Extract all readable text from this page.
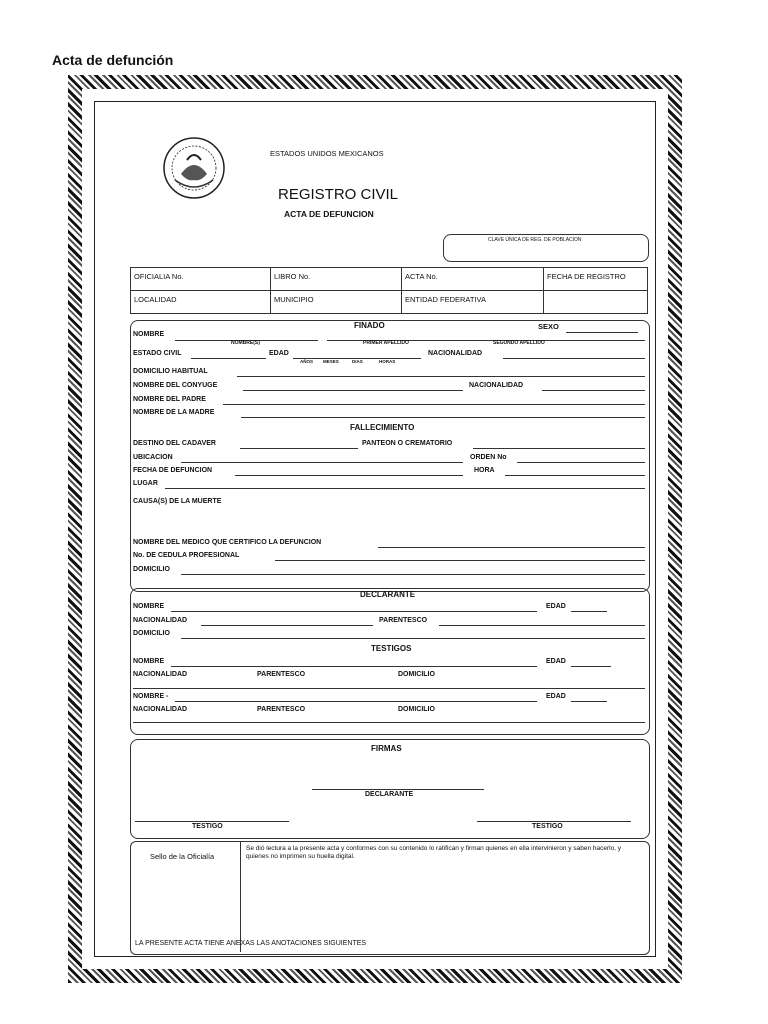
Acta de defunción
ESTADOS UNIDOS MEXICANOS
REGISTRO CIVIL
ACTA DE DEFUNCION
CLAVE ÚNICA DE REG. DE POBLACION
OFICIALIA No.	LIBRO No.	ACTA No.	FECHA DE REGISTRO
LOCALIDAD	MUNICIPIO	ENTIDAD FEDERATIVA
FINADO	SEXO
NOMBRE
NOMBRE(S)	PRIMER APELLIDO	SEGUNDO APELLIDO
ESTADO CIVIL	EDAD
AÑOS MESES	DIAS	HORAS
NACIONALIDAD
DOMICILIO HABITUAL
NOMBRE DEL CONYUGE	NACIONALIDAD
NOMBRE DEL PADRE
NOMBRE DE LA MADRE
FALLECIMIENTO
DESTINO DEL CADAVER	PANTEON O CREMATORIO
UBICACION	ORDEN No
FECHA DE DEFUNCION	HORA
LUGAR
CAUSA(S) DE LA MUERTE
NOMBRE DEL MEDICO QUE CERTIFICO LA DEFUNCION
No. DE CEDULA PROFESIONAL
DOMICILIO
DECLARANTE
NOMBRE	EDAD
NACIONALIDAD	PARENTESCO
DOMICILIO
TESTIGOS
NOMBRE	EDAD
NACIONALIDAD	PARENTESCO	DOMICILIO
NOMBRE -	EDAD
NACIONALIDAD	PARENTESCO	DOMICILIO
FIRMAS
DECLARANTE
TESTIGO	TESTIGO
Sello de la Oficialía
Se dió lectura a la presente acta y conformes con su contenido lo ratifican y firman quienes en ella intervinieron y saben hacerlo, y quienes no imprimen su huella digital.
LA PRESENTE ACTA TIENE ANEXAS LAS ANOTACIONES SIGUIENTES
